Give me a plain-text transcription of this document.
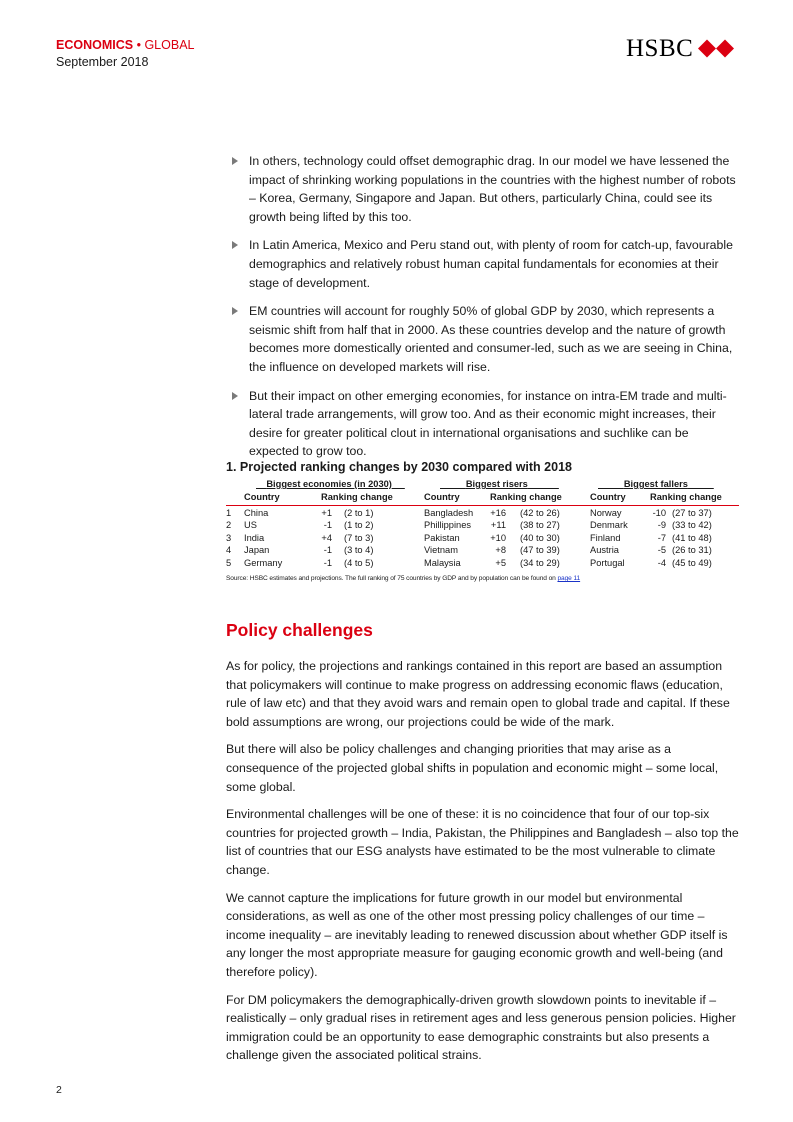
ECONOMICS • GLOBAL
September 2018	HSBC
In others, technology could offset demographic drag. In our model we have lessened the impact of shrinking working populations in the countries with the highest number of robots – Korea, Germany, Singapore and Japan. But others, particularly China, could see its growth being lifted by this too.
In Latin America, Mexico and Peru stand out, with plenty of room for catch-up, favourable demographics and relatively robust human capital fundamentals for economies at their stage of development.
EM countries will account for roughly 50% of global GDP by 2030, which represents a seismic shift from half that in 2000. As these countries develop and the nature of growth becomes more domestically oriented and consumer-led, such as we are seeing in China, the influence on developed markets will rise.
But their impact on other emerging economies, for instance on intra-EM trade and multi-lateral trade arrangements, will grow too. And as their economic might increases, their desire for greater political clout in international organisations and suchlike can be expected to grow too.
1. Projected ranking changes by 2030 compared with 2018
Biggest economies (in 2030)	Biggest risers	Biggest fallers
Country	Ranking change	Country	Ranking change	Country	Ranking change
1 China	+1 (2 to 1)	Bangladesh +16 (42 to 26)	Norway	-10 (27 to 37)
2 US	-1 (1 to 2)	Phillippines	+11 (38 to 27)	Denmark	-9 (33 to 42)
3 India	+4 (7 to 3)	Pakistan	+10 (40 to 30)	Finland	-7 (41 to 48)
4 Japan	-1 (3 to 4)	Vietnam	+8 (47 to 39)	Austria	-5 (26 to 31)
5 Germany	-1 (4 to 5)	Malaysia	+5 (34 to 29)	Portugal	-4 (45 to 49)
Source: HSBC estimates and projections. The full ranking of 75 countries by GDP and by population can be found on page 11
Policy challenges

As for policy, the projections and rankings contained in this report are based an assumption that policymakers will continue to make progress on addressing economic flaws (education, rule of law etc) and that they avoid wars and remain open to global trade and capital. If these bold assumptions are wrong, our projections could be wide of the mark.

But there will also be policy challenges and changing priorities that may arise as a consequence of the projected global shifts in population and economic might – some local, some global.

Environmental challenges will be one of these: it is no coincidence that four of our top-six countries for projected growth – India, Pakistan, the Philippines and Bangladesh – also top the list of countries that our ESG analysts have estimated to be the most vulnerable to climate change.

We cannot capture the implications for future growth in our model but environmental considerations, as well as one of the other most pressing policy challenges of our time – income inequality – are inevitably leading to renewed discussion about whether GDP itself is any longer the most appropriate measure for gauging economic growth and well-being (and therefore policy).

For DM policymakers the demographically-driven growth slowdown points to inevitable if –realistically – only gradual rises in retirement ages and less generous pension policies. Higher immigration could be an opportunity to ease demographic constraints but also presents a challenge given the associated political strains.

2
